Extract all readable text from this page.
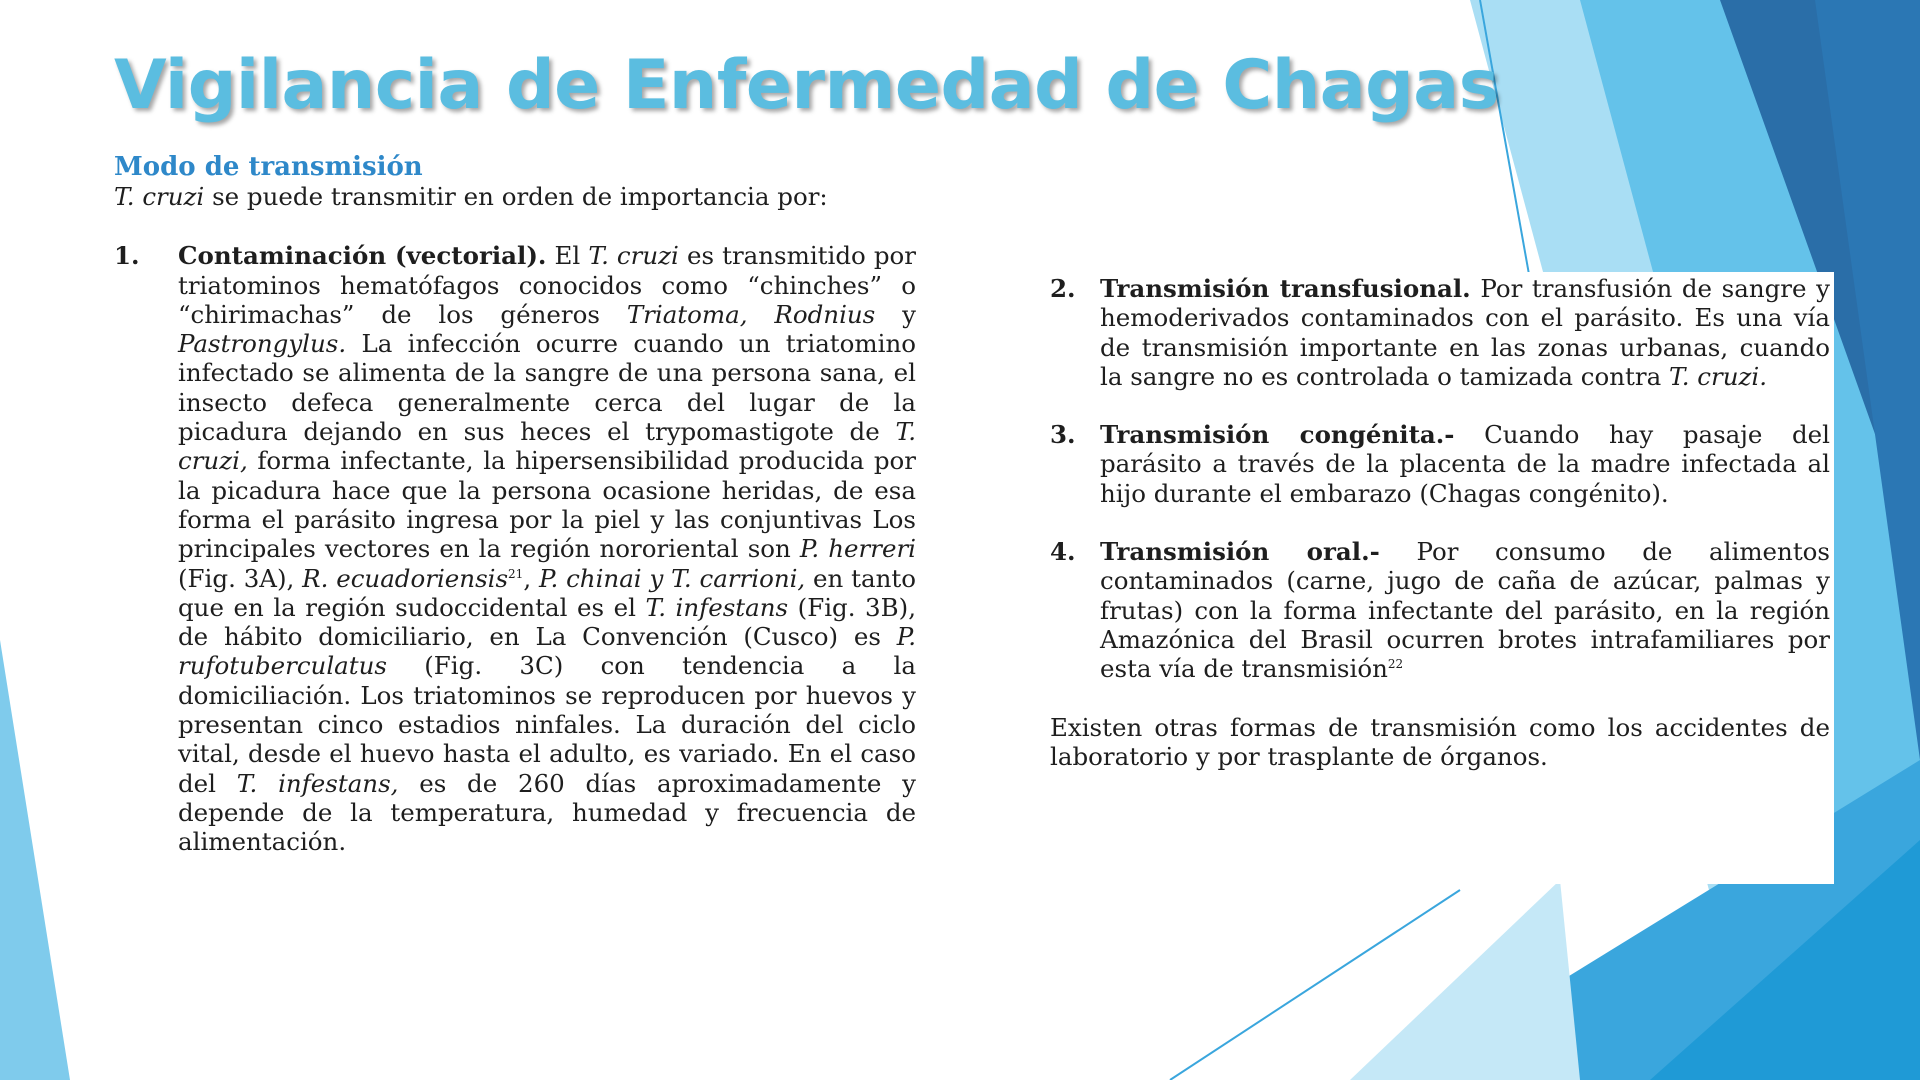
Vigilancia de Enfermedad de Chagas

Modo de transmisión

T. cruzi se puede transmitir en orden de importancia por:

1.	Contaminación (vectorial). El T. cruzi es transmitido por triatominos hematófagos conocidos como “chinches” o “chirimachas” de los géneros Triatoma, Rodnius y Pastrongylus. La infección ocurre cuando un triatomino infectado se alimenta de la sangre de una persona sana, el insecto defeca generalmente cerca del lugar de la picadura dejando en sus heces el trypomastigote de T. cruzi, forma infectante, la hipersensibilidad producida por la picadura hace que la persona ocasione heridas, de esa forma el parásito ingresa por la piel y las conjuntivas Los principales vectores en la región nororiental son P. herreri (Fig. 3A), R. ecuadoriensis$^{21}$, P. chinai y T. carrioni, en tanto que en la región sudoccidental es el T. infestans (Fig. 3B), de hábito domiciliario, en La Convención (Cusco) es P. rufotuberculatus (Fig. 3C) con tendencia a la domiciliación. Los triatominos se reproducen por huevos y presentan cinco estadios ninfales. La duración del ciclo vital, desde el huevo hasta el adulto, es variado. En el caso del T. infestans, es de 260 días aproximadamente y depende de la temperatura, humedad y frecuencia de alimentación.
2. Transmisión transfusional. Por transfusión de sangre y hemoderivados contaminados con el parásito. Es una vía de transmisión importante en las zonas urbanas, cuando la sangre no es controlada o tamizada contra T. cruzi.
3. Transmisión congénita.- Cuando hay pasaje del parásito a través de la placenta de la madre infectada al hijo durante el embarazo (Chagas congénito).
4. Transmisión oral.- Por consumo de alimentos contaminados (carne, jugo de caña de azúcar, palmas y frutas) con la forma infectante del parásito, en la región Amazónica del Brasil ocurren brotes intrafamiliares por esta vía de transmisión$^{22}$

Existen otras formas de transmisión como los accidentes de laboratorio y por trasplante de órganos.
